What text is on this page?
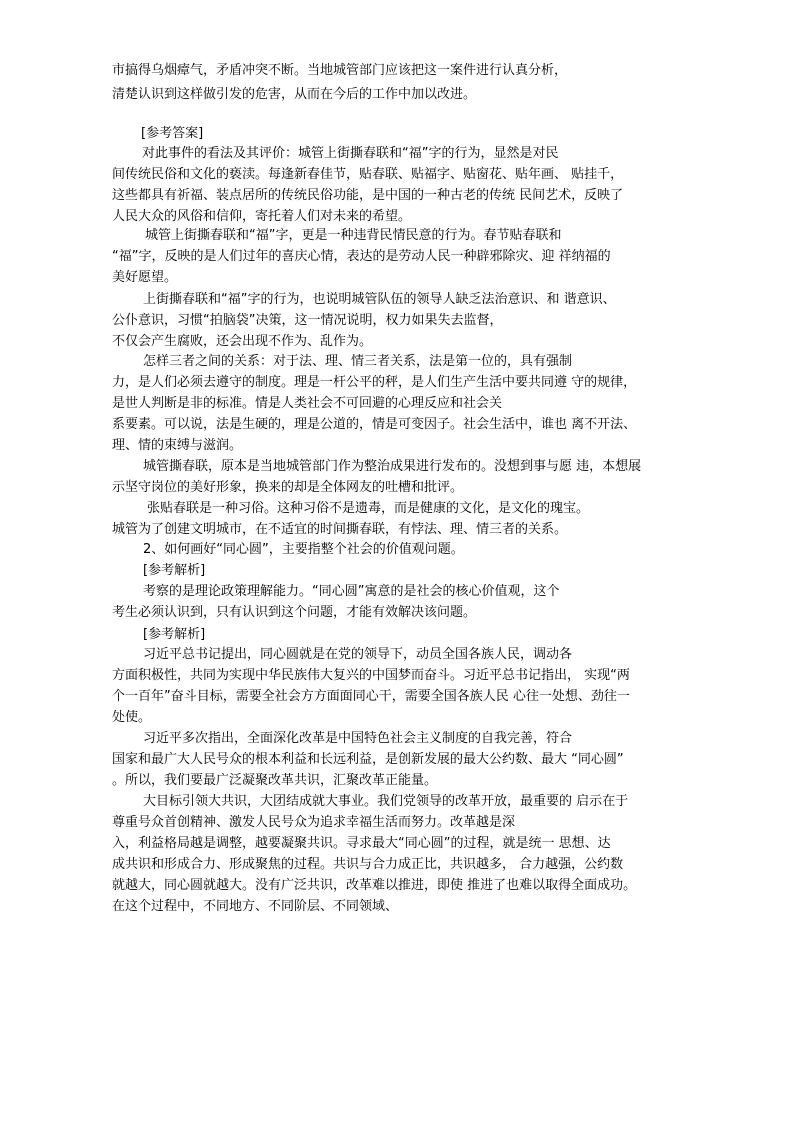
市搞得乌烟瘴气，矛盾冲突不断。当地城管部门应该把这一案件进行认真分析，
清楚认识到这样做引发的危害，从而在今后的工作中加以改进。
[参考答案]
对此事件的看法及其评价：城管上街撕春联和“福”字的行为，显然是对民
间传统民俗和文化的亵渎。每逢新春佳节，贴春联、贴福字、贴窗花、贴年画、 贴挂千，
这些都具有祈福、装点居所的传统民俗功能，是中国的一种古老的传统 民间艺术，反映了
人民大众的风俗和信仰，寄托着人们对未来的希望。
城管上街撕春联和“福”字，更是一种违背民情民意的行为。春节贴春联和
“福”字，反映的是人们过年的喜庆心情，表达的是劳动人民一种辟邪除灾、迎 祥纳福的
美好愿望。
上街撕春联和“福”字的行为，也说明城管队伍的领导人缺乏法治意识、和 谐意识、
公仆意识，习惯“拍脑袋”决策，这一情况说明，权力如果失去监督，
不仅会产生腐败，还会出现不作为、乱作为。
怎样三者之间的关系：对于法、理、情三者关系，法是第一位的，具有强制
力，是人们必须去遵守的制度。理是一杆公平的秤，是人们生产生活中要共同遵 守的规律，
是世人判断是非的标准。情是人类社会不可回避的心理反应和社会关
系要素。可以说，法是生硬的，理是公道的，情是可变因子。社会生活中，谁也 离不开法、
理、情的束缚与滋润。
城管撕春联，原本是当地城管部门作为整治成果进行发布的。没想到事与愿 违，本想展
示坚守岗位的美好形象，换来的却是全体网友的吐槽和批评。
张贴春联是一种习俗。这种习俗不是遗毒，而是健康的文化，是文化的瑰宝。
城管为了创建文明城市，在不适宜的时间撕春联，有悖法、理、情三者的关系。
2、如何画好“同心圆”，主要指整个社会的价值观问题。
[参考解析]
考察的是理论政策理解能力。“同心圆”寓意的是社会的核心价值观，这个
考生必须认识到，只有认识到这个问题，才能有效解决该问题。
[参考解析]
习近平总书记提出，同心圆就是在党的领导下，动员全国各族人民，调动各
方面积极性，共同为实现中华民族伟大复兴的中国梦而奋斗。习近平总书记指出， 实现“两
个一百年”奋斗目标，需要全社会方方面面同心干，需要全国各族人民 心往一处想、劲往一
处使。
习近平多次指出，全面深化改革是中国特色社会主义制度的自我完善，符合
国家和最广大人民号众的根本利益和长远利益，是创新发展的最大公约数、最大 “同心圆”
。所以，我们要最广泛凝聚改革共识，汇聚改革正能量。
大目标引领大共识，大团结成就大事业。我们党领导的改革开放，最重要的 启示在于
尊重号众首创精神、激发人民号众为追求幸福生活而努力。改革越是深
入，利益格局越是调整，越要凝聚共识。寻求最大“同心圆”的过程，就是统一 思想、达
成共识和形成合力、形成聚焦的过程。共识与合力成正比，共识越多， 合力越强，公约数
就越大，同心圆就越大。没有广泛共识，改革难以推进，即使 推进了也难以取得全面成功。
在这个过程中，不同地方、不同阶层、不同领域、
